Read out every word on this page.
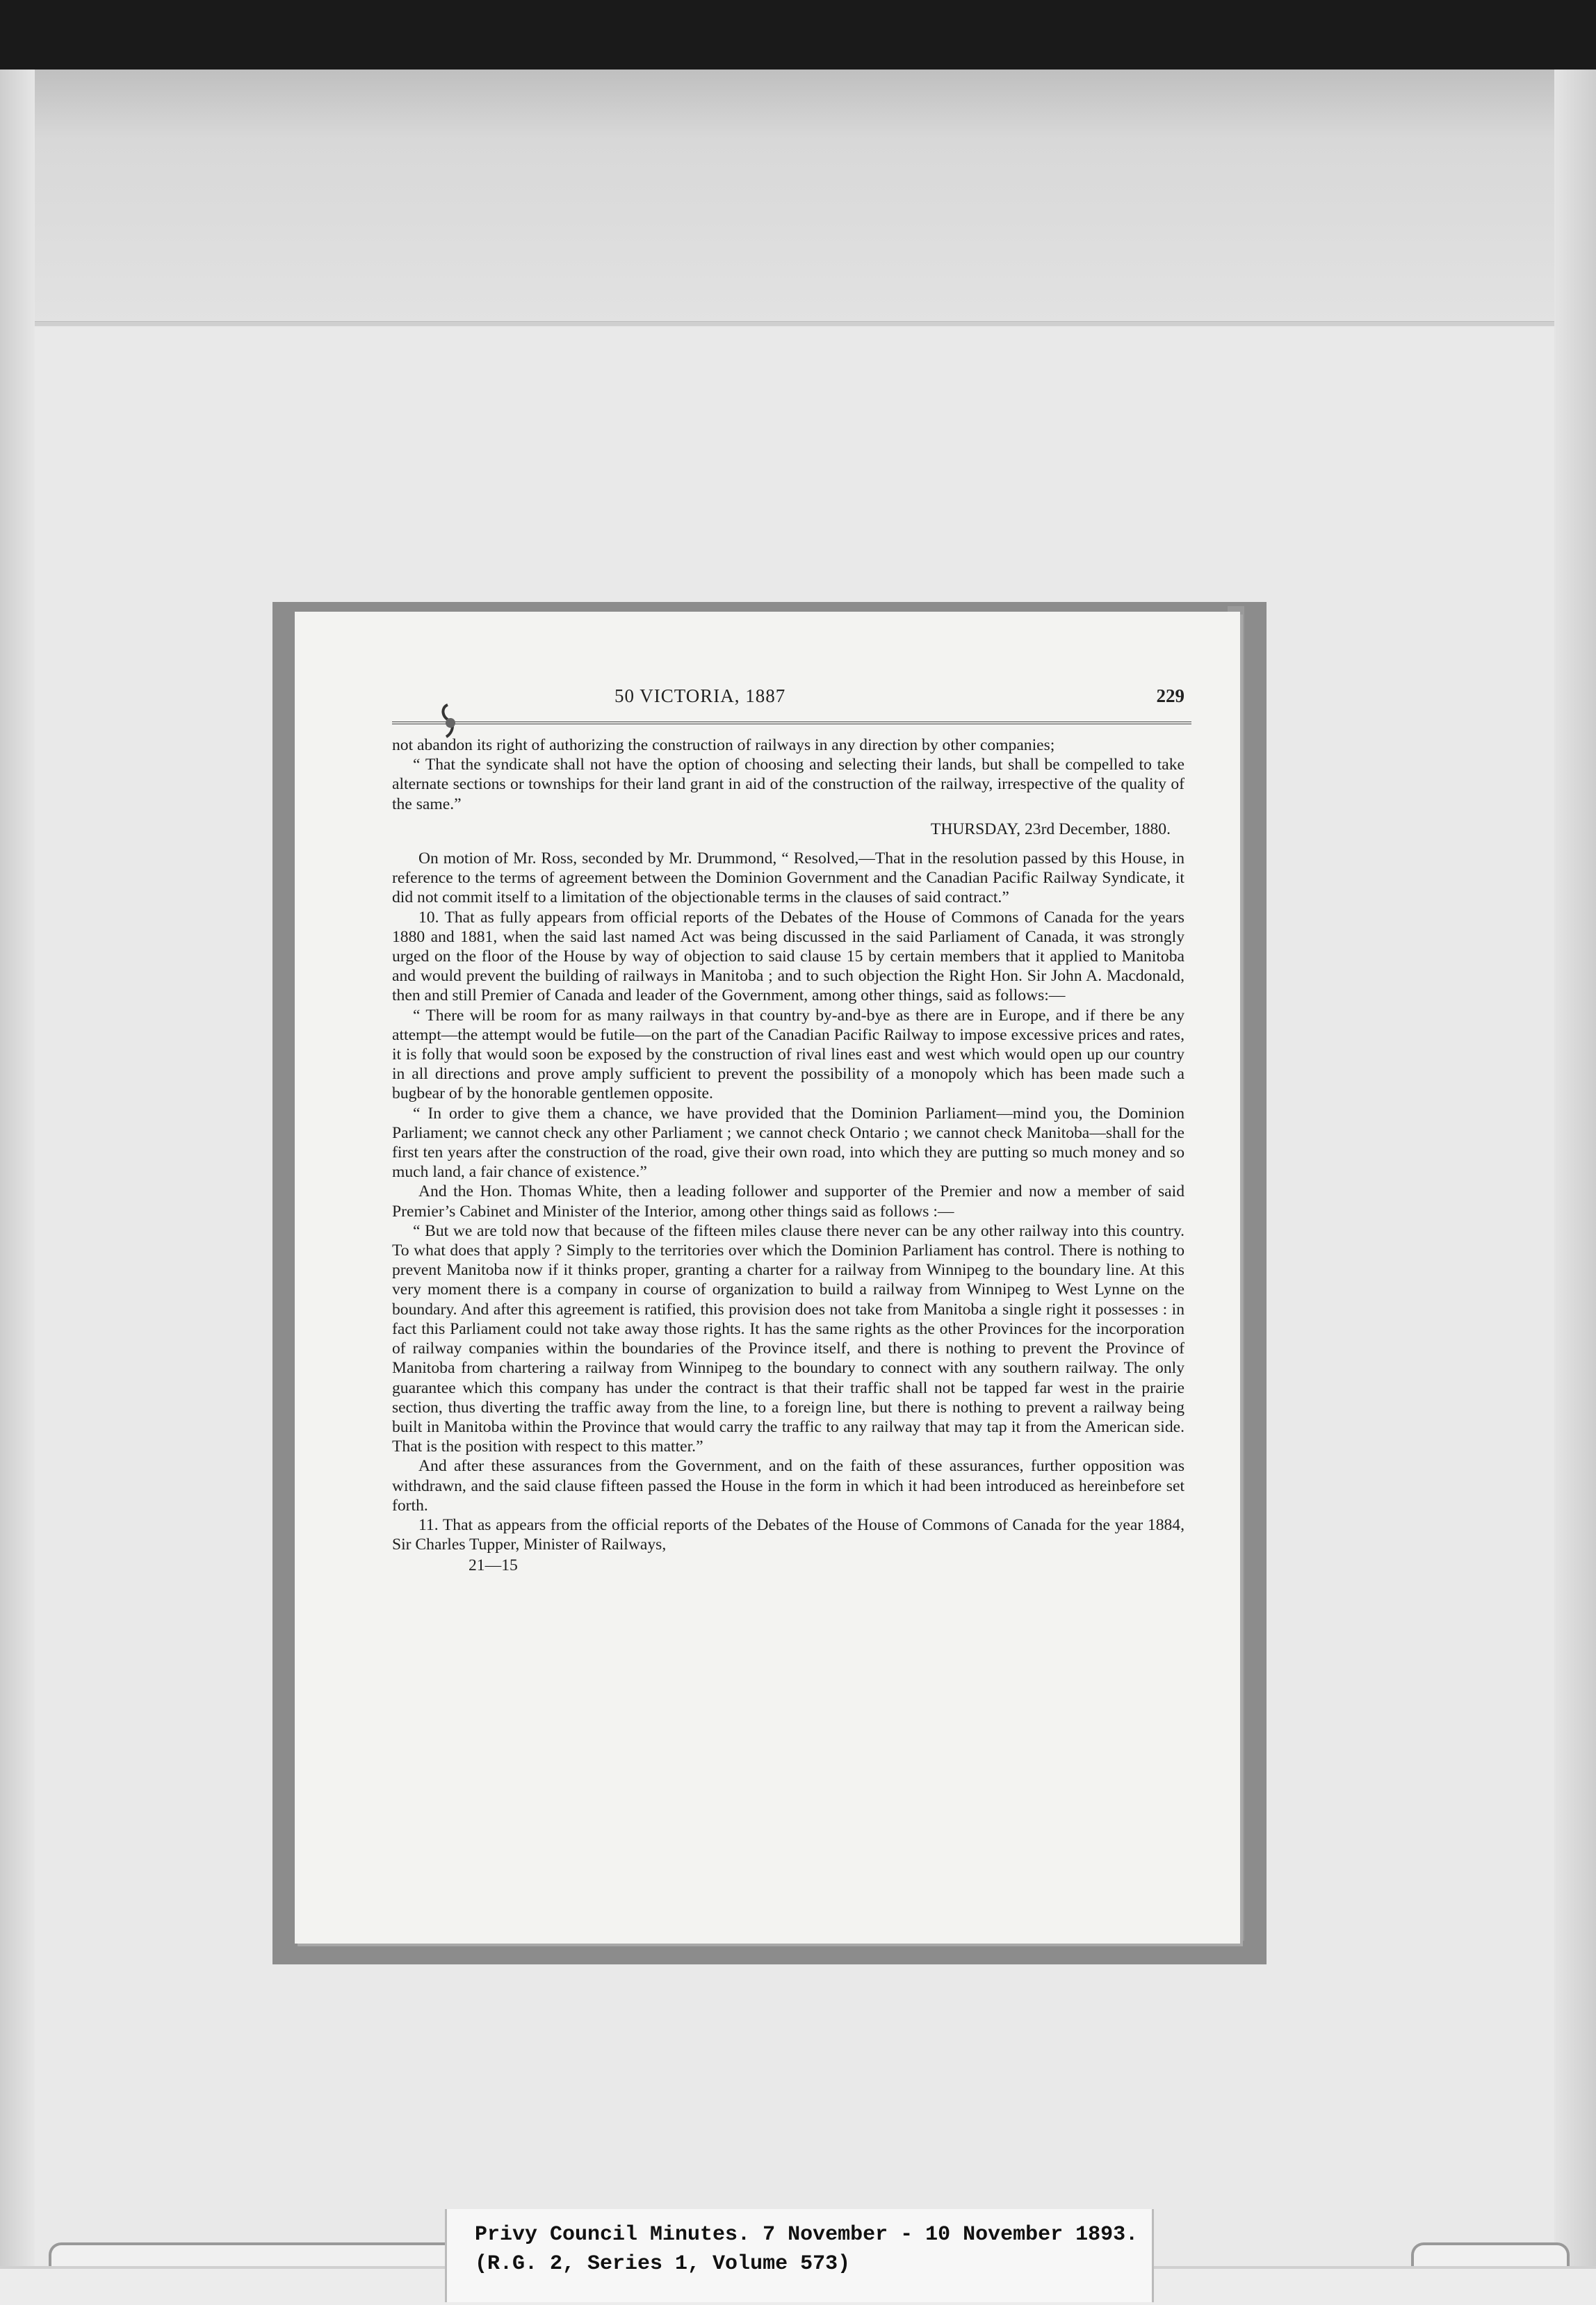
50 VICTORIA, 1887	229

not abandon its right of authorizing the construction of railways in any direction by other companies;

“ That the syndicate shall not have the option of choosing and selecting their lands, but shall be compelled to take alternate sections or townships for their land grant in aid of the construction of the railway, irrespective of the quality of the same.”

THURSDAY, 23rd December, 1880.

On motion of Mr. Ross, seconded by Mr. Drummond, “ Resolved,—That in the resolution passed by this House, in reference to the terms of agreement between the Dominion Government and the Canadian Pacific Railway Syndicate, it did not commit itself to a limitation of the objectionable terms in the clauses of said contract.”

10. That as fully appears from official reports of the Debates of the House of Commons of Canada for the years 1880 and 1881, when the said last named Act was being discussed in the said Parliament of Canada, it was strongly urged on the floor of the House by way of objection to said clause 15 by certain members that it applied to Manitoba and would prevent the building of railways in Manitoba ; and to such objection the Right Hon. Sir John A. Macdonald, then and still Premier of Canada and leader of the Government, among other things, said as follows:—

“ There will be room for as many railways in that country by-and-bye as there are in Europe, and if there be any attempt—the attempt would be futile—on the part of the Canadian Pacific Railway to impose excessive prices and rates, it is folly that would soon be exposed by the construction of rival lines east and west which would open up our country in all directions and prove amply sufficient to prevent the possibility of a monopoly which has been made such a bugbear of by the honorable gentlemen opposite.

“ In order to give them a chance, we have provided that the Dominion Parliament—mind you, the Dominion Parliament; we cannot check any other Parliament ; we cannot check Ontario ; we cannot check Manitoba—shall for the first ten years after the construction of the road, give their own road, into which they are putting so much money and so much land, a fair chance of existence.”

And the Hon. Thomas White, then a leading follower and supporter of the Premier and now a member of said Premier’s Cabinet and Minister of the Interior, among other things said as follows :—

“ But we are told now that because of the fifteen miles clause there never can be any other railway into this country. To what does that apply ? Simply to the territories over which the Dominion Parliament has control. There is nothing to prevent Manitoba now if it thinks proper, granting a charter for a railway from Winnipeg to the boundary line. At this very moment there is a company in course of organization to build a railway from Winnipeg to West Lynne on the boundary. And after this agreement is ratified, this provision does not take from Manitoba a single right it possesses : in fact this Parliament could not take away those rights. It has the same rights as the other Provinces for the incorporation of railway companies within the boundaries of the Province itself, and there is nothing to prevent the Province of Manitoba from chartering a railway from Winnipeg to the boundary to connect with any southern railway. The only guarantee which this company has under the contract is that their traffic shall not be tapped far west in the prairie section, thus diverting the traffic away from the line, to a foreign line, but there is nothing to prevent a railway being built in Manitoba within the Province that would carry the traffic to any railway that may tap it from the American side. That is the position with respect to this matter.”

And after these assurances from the Government, and on the faith of these assurances, further opposition was withdrawn, and the said clause fifteen passed the House in the form in which it had been introduced as hereinbefore set forth.

11. That as appears from the official reports of the Debates of the House of Commons of Canada for the year 1884, Sir Charles Tupper, Minister of Railways,

21—15

Privy Council Minutes. 7 November - 10 November 1893.
(R.G. 2, Series 1, Volume 573)
